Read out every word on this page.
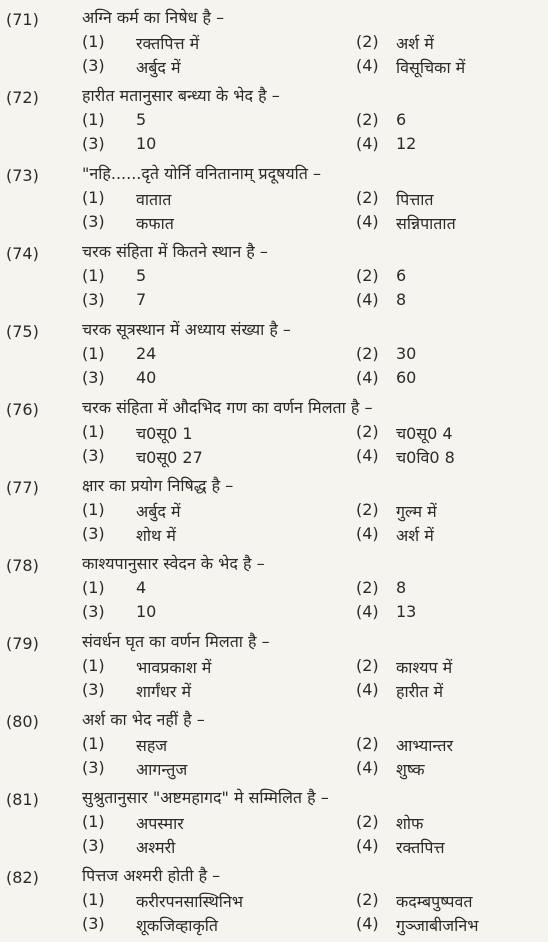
(71)	अग्नि कर्म का निषेध है –
(1) रक्तपित्त में	(2) अर्श में
(3) अर्बुद में	(4) विसूचिका में
(72)	हारीत मतानुसार बन्ध्या के भेद है –
(1) 5	(2) 6
(3) 10	(4) 12
(73)	"नहि......दृते योर्नि वनितानाम् प्रदूषयति –
(1) वातात	(2) पित्तात
(3) कफात	(4) सन्निपातात
(74)	चरक संहिता में कितने स्थान है –
(1) 5	(2) 6
(3) 7	(4) 8
(75)	चरक सूत्रस्थान में अध्याय संख्या है –
(1) 24	(2) 30
(3) 40	(4) 60
(76)	चरक संहिता में औदभिद गण का वर्णन मिलता है –
(1) च0सू0 1	(2) च0सू0 4
(3) च0सू0 27	(4) च0वि0 8
(77)	क्षार का प्रयोग निषिद्ध है –
(1) अर्बुद में	(2) गुल्म में
(3) शोथ में	(4) अर्श में
(78)	काश्यपानुसार स्वेदन के भेद है –
(1) 4	(2) 8
(3) 10	(4) 13
(79)	संवर्धन घृत का वर्णन मिलता है –
(1) भावप्रकाश में	(2) काश्यप में
(3) शार्गंधर में	(4) हारीत में
(80)	अर्श का भेद नहीं है –
(1) सहज	(2) आभ्यान्तर
(3) आगन्तुज	(4) शुष्क
(81)	सुश्रुतानुसार "अष्टमहागद" मे सम्मिलित है –
(1) अपस्मार	(2) शोफ
(3) अश्मरी	(4) रक्तपित्त
(82)	पित्तज अश्मरी होती है –
(1) करीरपनसास्थिनिभ	(2) कदम्बपुष्पवत
(3) शूकजिव्हाकृति	(4) गुञ्जाबीजनिभ
